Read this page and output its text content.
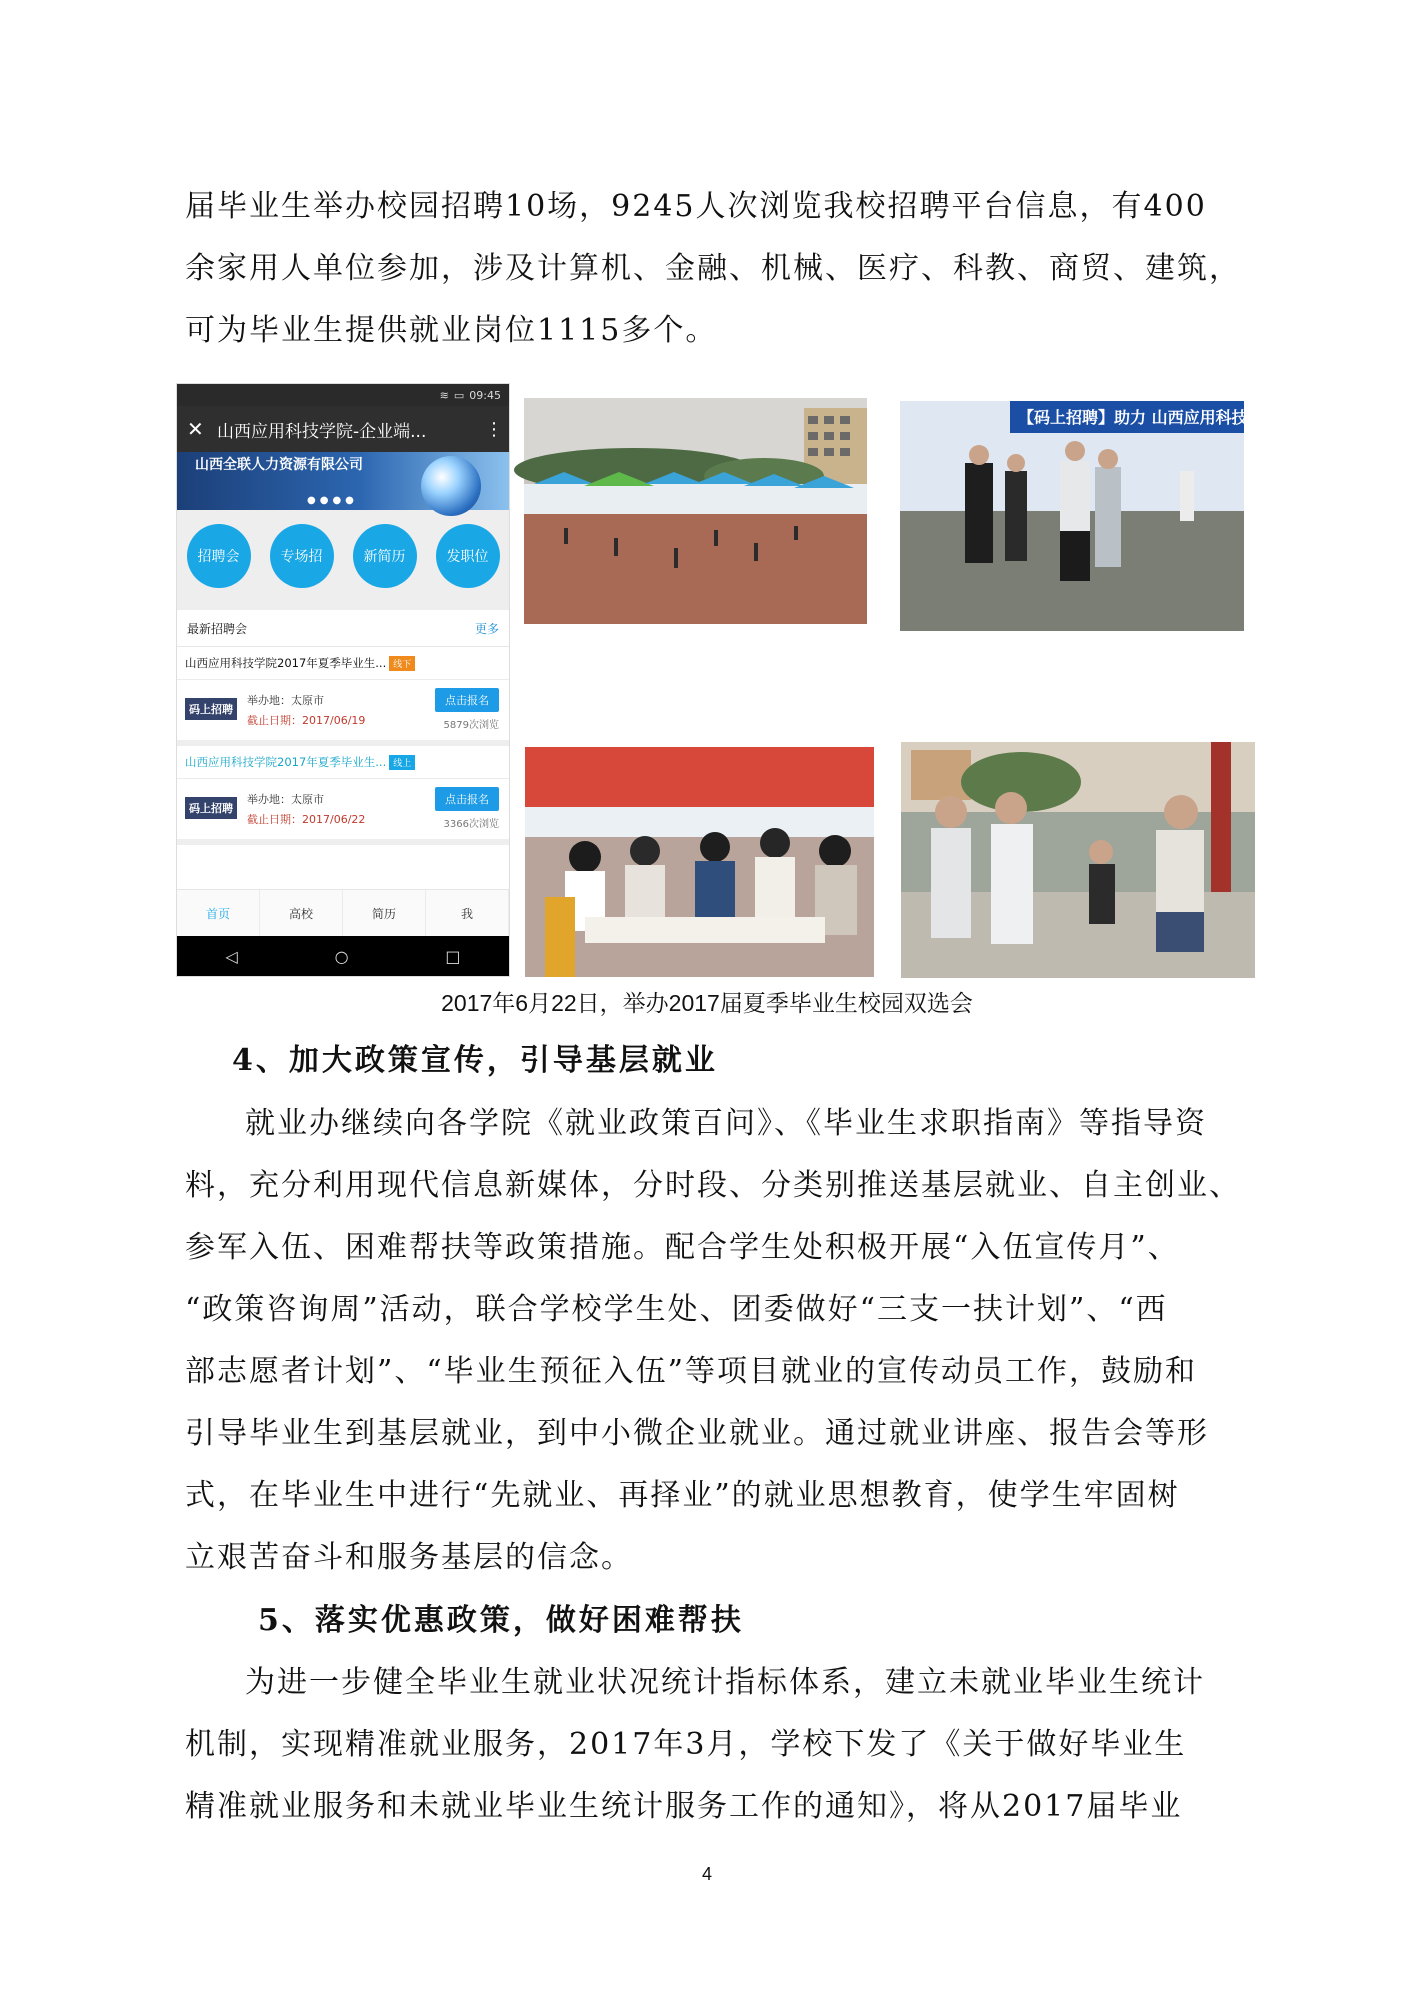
届毕业生举办校园招聘10场，9245人次浏览我校招聘平台信息，有400
余家用人单位参加，涉及计算机、金融、机械、医疗、科教、商贸、建筑，
可为毕业生提供就业岗位1115多个。
≋ ▭ 09:45
✕ 山西应用科技学院-企业端...	⋮
山西全联人力资源有限公司
●●●●
招聘会	专场招	新简历	发职位
最新招聘会	更多
山西应用科技学院2017年夏季毕业生... 线下
码上招聘
举办地：太原市
截止日期：2017/06/19
点击报名
5879次浏览
山西应用科技学院2017年夏季毕业生... 线上
码上招聘
举办地：太原市
截止日期：2017/06/22
点击报名
3366次浏览
首页	高校	简历	我
◁	○	□
【码上招聘】助力 山西应用科技学院
2017年6月22日，举办2017届夏季毕业生校园双选会
4、加大政策宣传，引导基层就业
就业办继续向各学院《就业政策百问》、《毕业生求职指南》等指导资
料，充分利用现代信息新媒体，分时段、分类别推送基层就业、自主创业、
参军入伍、困难帮扶等政策措施。配合学生处积极开展“入伍宣传月”、
“政策咨询周”活动，联合学校学生处、团委做好“三支一扶计划”、“西
部志愿者计划”、“毕业生预征入伍”等项目就业的宣传动员工作，鼓励和
引导毕业生到基层就业，到中小微企业就业。通过就业讲座、报告会等形
式，在毕业生中进行“先就业、再择业”的就业思想教育，使学生牢固树
立艰苦奋斗和服务基层的信念。
5、落实优惠政策，做好困难帮扶
为进一步健全毕业生就业状况统计指标体系，建立未就业毕业生统计
机制，实现精准就业服务，2017年3月，学校下发了《关于做好毕业生
精准就业服务和未就业毕业生统计服务工作的通知》，将从2017届毕业
4
